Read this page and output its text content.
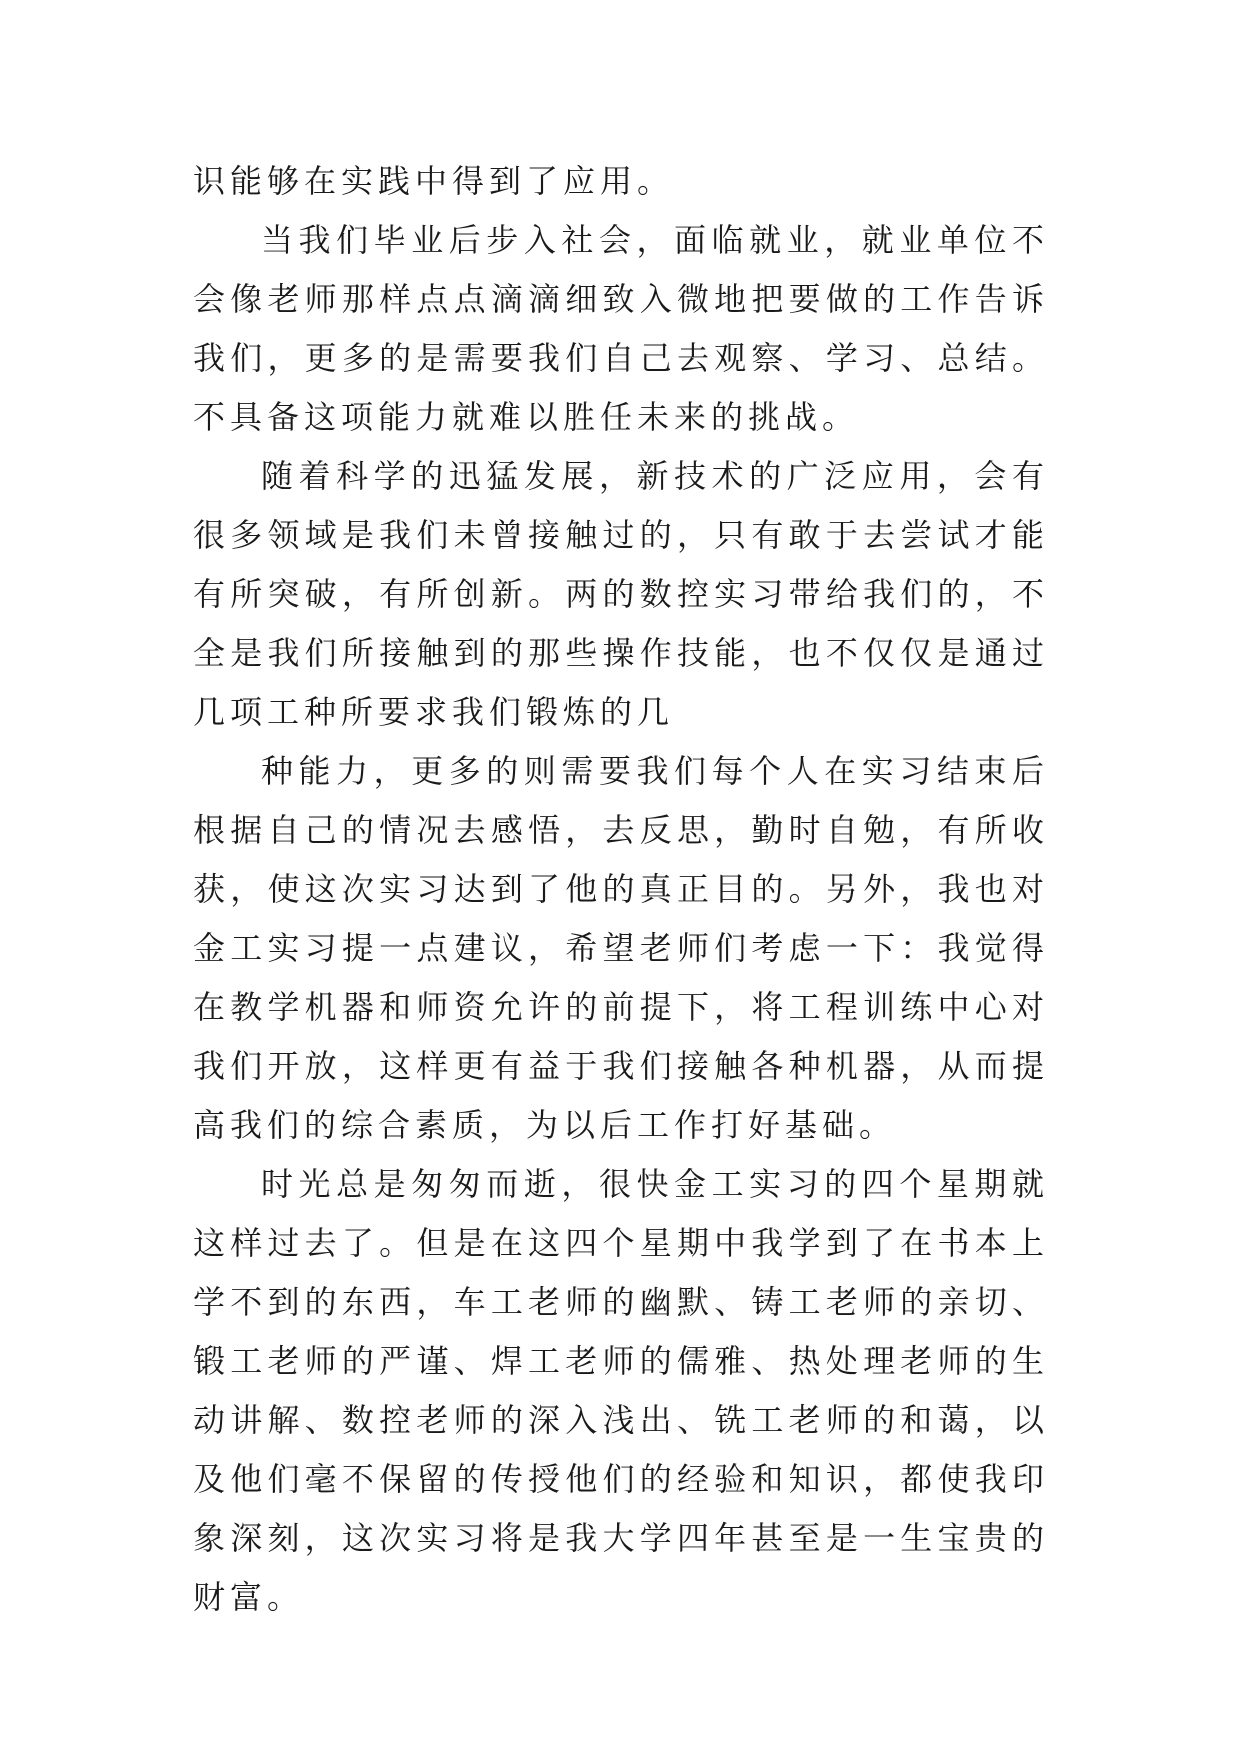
识能够在实践中得到了应用。

当我们毕业后步入社会，面临就业，就业单位不会像老师那样点点滴滴细致入微地把要做的工作告诉我们，更多的是需要我们自己去观察、学习、总结。不具备这项能力就难以胜任未来的挑战。

随着科学的迅猛发展，新技术的广泛应用，会有很多领域是我们未曾接触过的，只有敢于去尝试才能有所突破，有所创新。两的数控实习带给我们的，不全是我们所接触到的那些操作技能，也不仅仅是通过几项工种所要求我们锻炼的几

种能力，更多的则需要我们每个人在实习结束后根据自己的情况去感悟，去反思，勤时自勉，有所收获，使这次实习达到了他的真正目的。另外，我也对金工实习提一点建议，希望老师们考虑一下：我觉得在教学机器和师资允许的前提下，将工程训练中心对我们开放，这样更有益于我们接触各种机器，从而提高我们的综合素质，为以后工作打好基础。

时光总是匆匆而逝，很快金工实习的四个星期就这样过去了。但是在这四个星期中我学到了在书本上学不到的东西，车工老师的幽默、铸工老师的亲切、锻工老师的严谨、焊工老师的儒雅、热处理老师的生动讲解、数控老师的深入浅出、铣工老师的和蔼，以及他们毫不保留的传授他们的经验和知识，都使我印象深刻，这次实习将是我大学四年甚至是一生宝贵的财富。
